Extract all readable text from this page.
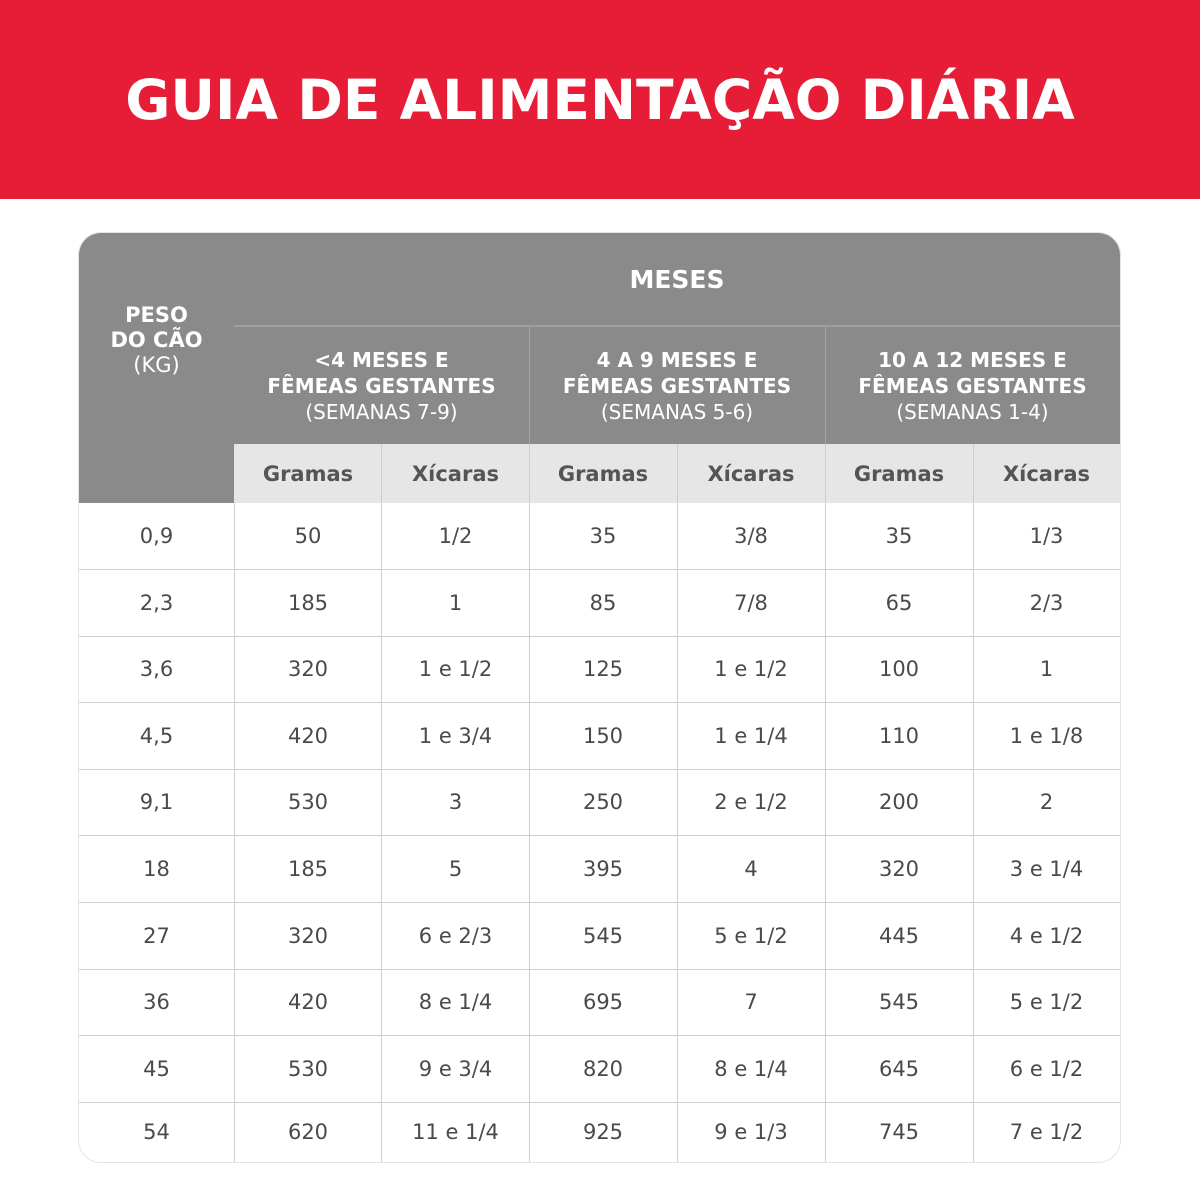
GUIA DE ALIMENTAÇÃO DIÁRIA
PESO
DO CÃO
(KG)
MESES
<4 MESES E
FÊMEAS GESTANTES
(SEMANAS 7-9)
4 A 9 MESES E
FÊMEAS GESTANTES
(SEMANAS 5-6)
10 A 12 MESES E
FÊMEAS GESTANTES
(SEMANAS 1-4)
Gramas	Xícaras	Gramas	Xícaras	Gramas	Xícaras
0,9	50	1/2	35	3/8	35	1/3
2,3	185	1	85	7/8	65	2/3
3,6	320	1 e 1/2	125	1 e 1/2	100	1
4,5	420	1 e 3/4	150	1 e 1/4	110	1 e 1/8
9,1	530	3	250	2 e 1/2	200	2
18	185	5	395	4	320	3 e 1/4
27	320	6 e 2/3	545	5 e 1/2	445	4 e 1/2
36	420	8 e 1/4	695	7	545	5 e 1/2
45	530	9 e 3/4	820	8 e 1/4	645	6 e 1/2
54	620	11 e 1/4	925	9 e 1/3	745	7 e 1/2
